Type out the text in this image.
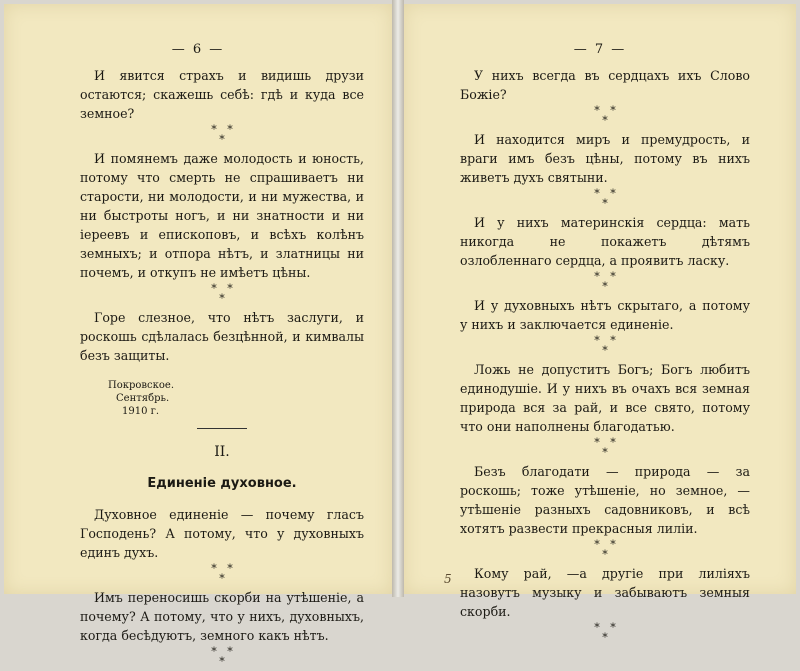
— 6 —

И явится страхъ и видишь друзи остаются; скажешь себѣ: гдѣ и куда все земное?

*   *
*

И помянемъ даже молодость и юность, потому что смерть не спрашиваетъ ни старости, ни молодости, и ни мужества, и ни быстроты ногъ, и ни знатности и ни iереевъ и епископовъ, и всѣхъ колѣнъ земныхъ; и отпора нѣтъ, и златницы ни почемъ, и откупъ не имѣетъ цѣны.

*   *
*

Горе слезное, что нѣтъ заслуги, и роскошь сдѣлалась безцѣнной, и кимвалы безъ защиты.

Покровское.
Сентябрь.
1910 г.
II.
Единенiе духовное.

Духовное единенiе — почему гласъ Господень? А потому, что у духовныхъ единъ духъ.

*   *
*

Имъ переносишь скорби на утѣшенiе, а почему? А потому, что у нихъ, духовныхъ, когда бесѣдуютъ, земного какъ нѣтъ.

*   *
*
— 7 —

У нихъ всегда въ сердцахъ ихъ Слово Божiе?

*   *
*

И находится миръ и премудрость, и враги имъ безъ цѣны, потому въ нихъ живетъ духъ святыни.

*   *
*

И у нихъ материнскiя сердца: мать никогда не покажетъ дѣтямъ озлобленнаго сердца, а проявитъ ласку.

*   *
*

И у духовныхъ нѣтъ скрытаго, а потому у нихъ и заключается единенiе.

*   *
*

Ложь не допуститъ Богъ; Богъ любитъ единодушiе. И у нихъ въ очахъ вся земная природа вся за рай, и все свято, потому что они наполнены благодатью.

*   *
*

Безъ благодати — природа — за роскошь; тоже утѣшенiе, но земное, — утѣшенiе разныхъ садовниковъ, и всѣ хотятъ развести прекрасныя лилiи.

*   *
*

Кому рай, —а другiе при лилiяхъ назовутъ музыку и забываютъ земныя скорби.

*   *
*
5
